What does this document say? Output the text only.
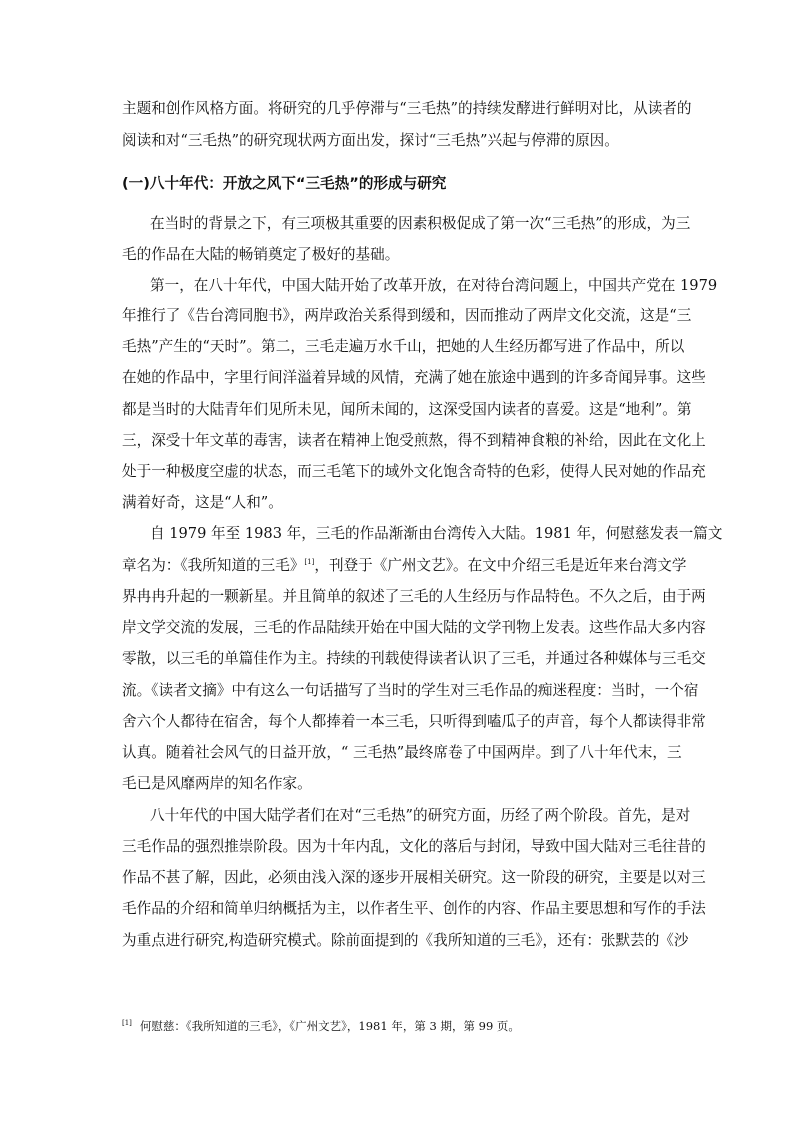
主题和创作风格方面。将研究的几乎停滞与“三毛热”的持续发酵进行鲜明对比，从读者的
阅读和对“三毛热”的研究现状两方面出发，探讨“三毛热”兴起与停滞的原因。
(一)八十年代：开放之风下“三毛热”的形成与研究
在当时的背景之下，有三项极其重要的因素积极促成了第一次“三毛热”的形成，为三
毛的作品在大陆的畅销奠定了极好的基础。
第一，在八十年代，中国大陆开始了改革开放，在对待台湾问题上，中国共产党在 1979
年推行了《告台湾同胞书》，两岸政治关系得到缓和，因而推动了两岸文化交流，这是“三
毛热”产生的“天时”。第二，三毛走遍万水千山，把她的人生经历都写进了作品中，所以
在她的作品中，字里行间洋溢着异域的风情，充满了她在旅途中遇到的许多奇闻异事。这些
都是当时的大陆青年们见所未见，闻所未闻的，这深受国内读者的喜爱。这是“地利”。第
三，深受十年文革的毒害，读者在精神上饱受煎熬，得不到精神食粮的补给，因此在文化上
处于一种极度空虚的状态，而三毛笔下的域外文化饱含奇特的色彩，使得人民对她的作品充
满着好奇，这是“人和”。
自 1979 年至 1983 年，三毛的作品渐渐由台湾传入大陆。1981 年，何慰慈发表一篇文
章名为：《我所知道的三毛》[1]，刊登于《广州文艺》。在文中介绍三毛是近年来台湾文学
界冉冉升起的一颗新星。并且简单的叙述了三毛的人生经历与作品特色。不久之后，由于两
岸文学交流的发展，三毛的作品陆续开始在中国大陆的文学刊物上发表。这些作品大多内容
零散，以三毛的单篇佳作为主。持续的刊载使得读者认识了三毛，并通过各种媒体与三毛交
流。《读者文摘》中有这么一句话描写了当时的学生对三毛作品的痴迷程度：当时，一个宿
舍六个人都待在宿舍，每个人都捧着一本三毛，只听得到嗑瓜子的声音，每个人都读得非常
认真。随着社会风气的日益开放，“ 三毛热”最终席卷了中国两岸。到了八十年代末，三
毛已是风靡两岸的知名作家。
八十年代的中国大陆学者们在对“三毛热”的研究方面，历经了两个阶段。首先，是对
三毛作品的强烈推崇阶段。因为十年内乱，文化的落后与封闭，导致中国大陆对三毛往昔的
作品不甚了解，因此，必须由浅入深的逐步开展相关研究。这一阶段的研究，主要是以对三
毛作品的介绍和简单归纳概括为主，以作者生平、创作的内容、作品主要思想和写作的手法
为重点进行研究,构造研究模式。除前面提到的《我所知道的三毛》，还有：张默芸的《沙
[1] 何慰慈：《我所知道的三毛》，《广州文艺》，1981 年，第 3 期，第 99 页。
